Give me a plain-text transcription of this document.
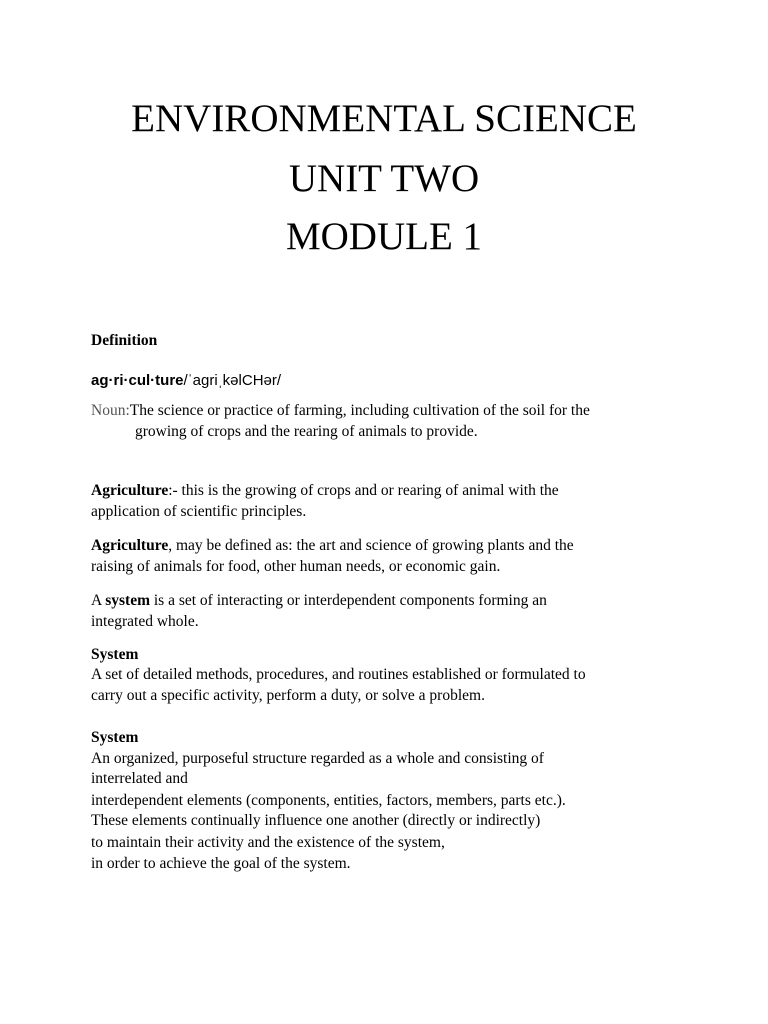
ENVIRONMENTAL SCIENCE
UNIT TWO
MODULE 1
Definition
ag·ri·cul·ture/ˈagriˌkəlCHər/
Noun:The science or practice of farming, including cultivation of the soil for the
growing of crops and the rearing of animals to provide.
Agriculture:- this is the growing of crops and or rearing of animal with the
application of scientific principles.
Agriculture, may be defined as: the art and science of growing plants and the
raising of animals for food, other human needs, or economic gain.
A system is a set of interacting or interdependent components forming an
integrated whole.
System
A set of detailed methods, procedures, and routines established or formulated to
carry out a specific activity, perform a duty, or solve a problem.
System
An organized, purposeful structure regarded as a whole and consisting of
interrelated and
interdependent elements (components, entities, factors, members, parts etc.).
These elements continually influence one another (directly or indirectly)
to maintain their activity and the existence of the system,
in order to achieve the goal of the system.
